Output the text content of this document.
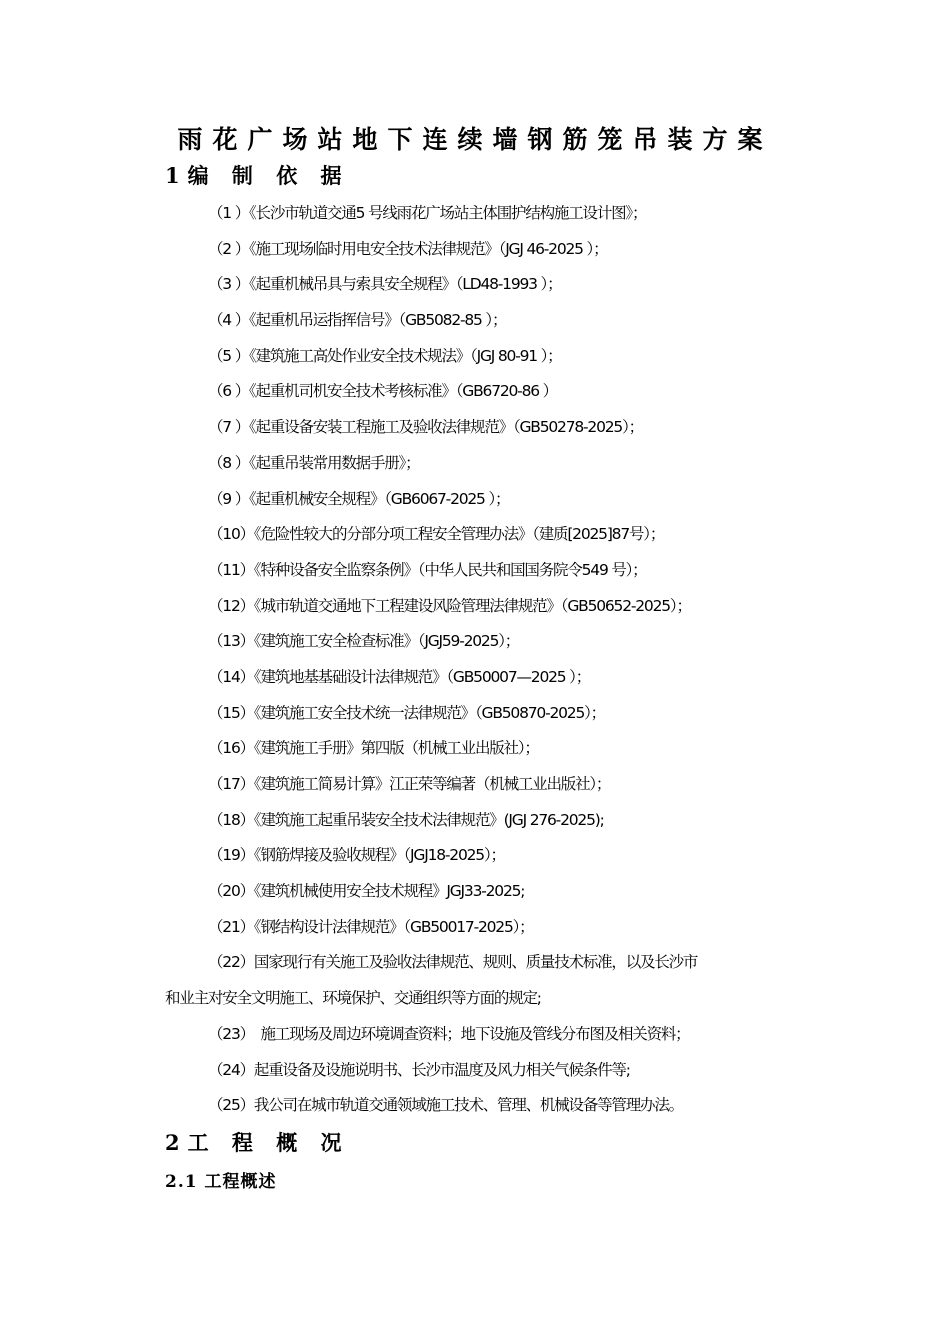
雨花广场站地下连续墙钢筋笼吊装方案
1编 制 依 据
（1 ）《长沙市轨道交通5 号线雨花广场站主体围护结构施工设计图》；
（2 ）《施工现场临时用电安全技术法律规范》（JGJ 46-2025 ）；
（3 ）《起重机械吊具与索具安全规程》（LD48-1993 ）；
（4 ）《起重机吊运指挥信号》（GB5082-85 ）；
（5 ）《建筑施工高处作业安全技术规法》（JGJ 80-91 ）；
（6 ）《起重机司机安全技术考核标准》（GB6720-86 ）
（7 ）《起重设备安装工程施工及验收法律规范》（GB50278-2025）；
（8 ）《起重吊装常用数据手册》；
（9 ）《起重机械安全规程》（GB6067-2025 ）；
（10）《危险性较大的分部分项工程安全管理办法》（建质[2025]87号）；
（11）《特种设备安全监察条例》（中华人民共和国国务院令549 号）；
（12）《城市轨道交通地下工程建设风险管理法律规范》（GB50652-2025）；
（13）《建筑施工安全检查标准》（JGJ59-2025）；
（14）《建筑地基基础设计法律规范》（GB50007—2025 ）；
（15）《建筑施工安全技术统一法律规范》（GB50870-2025）；
（16）《建筑施工手册》第四版（机械工业出版社）；
（17）《建筑施工简易计算》江正荣等编著（机械工业出版社）；
（18）《建筑施工起重吊装安全技术法律规范》(JGJ 276-2025);
（19）《钢筋焊接及验收规程》（JGJ18-2025）；
（20）《建筑机械使用安全技术规程》JGJ33-2025;
（21）《钢结构设计法律规范》（GB50017-2025）；
（22）国家现行有关施工及验收法律规范、规则、质量技术标准，以及长沙市
和业主对安全文明施工、环境保护、交通组织等方面的规定;
（23）　施工现场及周边环境调查资料；地下设施及管线分布图及相关资料；
（24）起重设备及设施说明书、长沙市温度及风力相关气候条件等;
（25）我公司在城市轨道交通领域施工技术、管理、机械设备等管理办法。
2工 程 概 况
2.1 工程概述
